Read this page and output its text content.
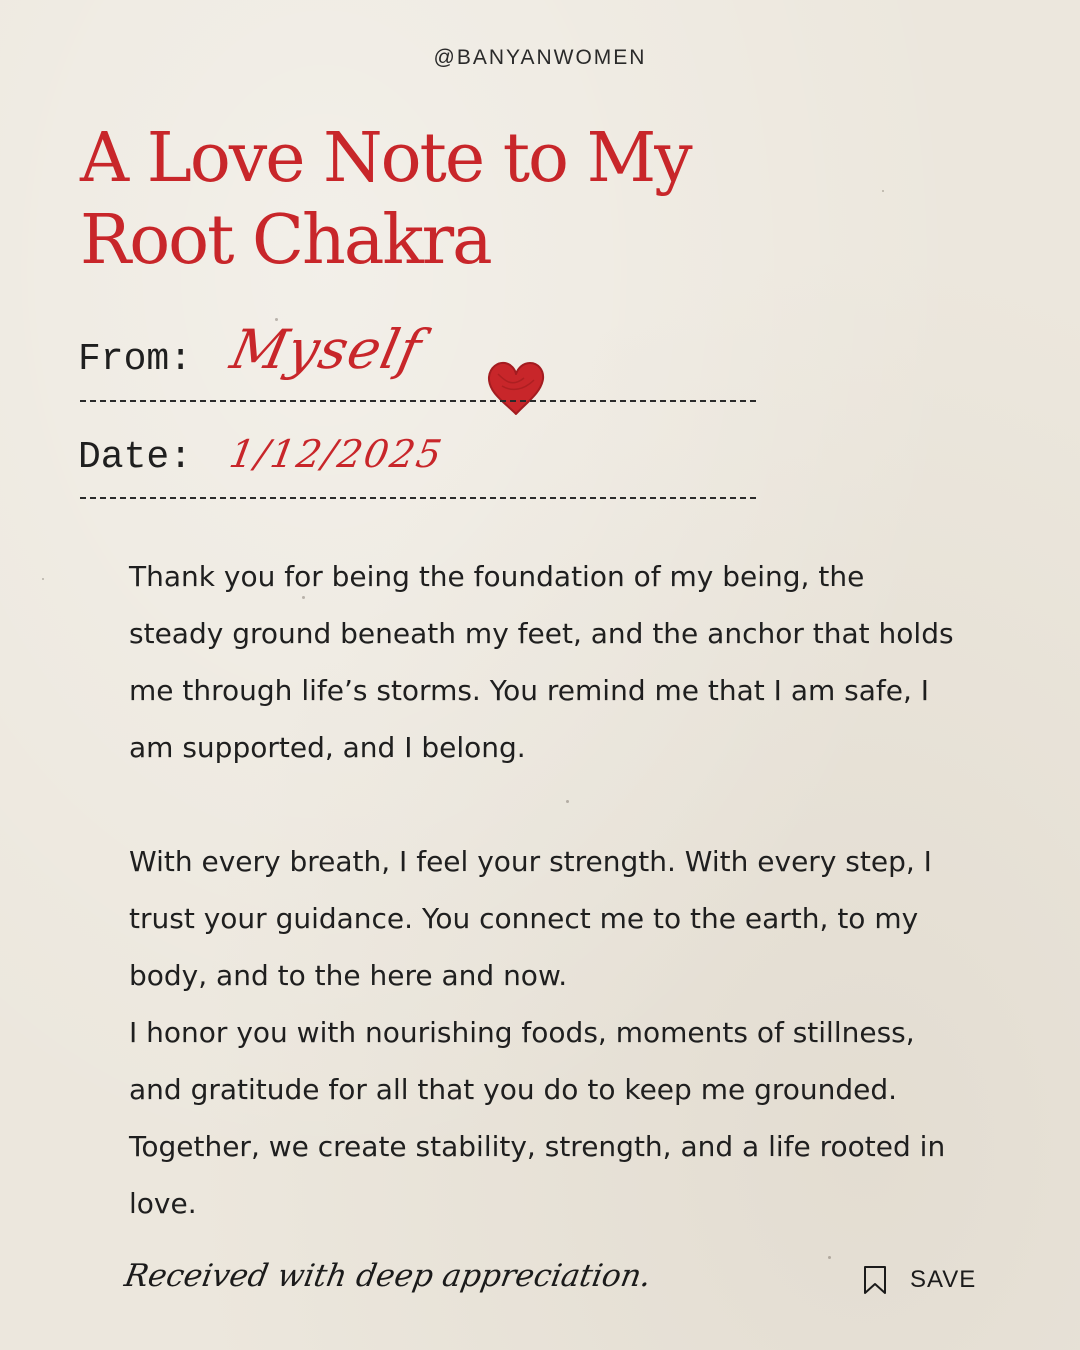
@BANYANWOMEN
A Love Note to My
Root Chakra
From: Myself
Date: 1/12/2025

Thank you for being the foundation of my being, the steady ground beneath my feet, and the anchor that holds me through life’s storms. You remind me that I am safe, I am supported, and I belong.

With every breath, I feel your strength. With every step, I trust your guidance. You connect me to the earth, to my body, and to the here and now.

I honor you with nourishing foods, moments of stillness, and gratitude for all that you do to keep me grounded. Together, we create stability, strength, and a life rooted in love.

Received with deep appreciation.	SAVE
